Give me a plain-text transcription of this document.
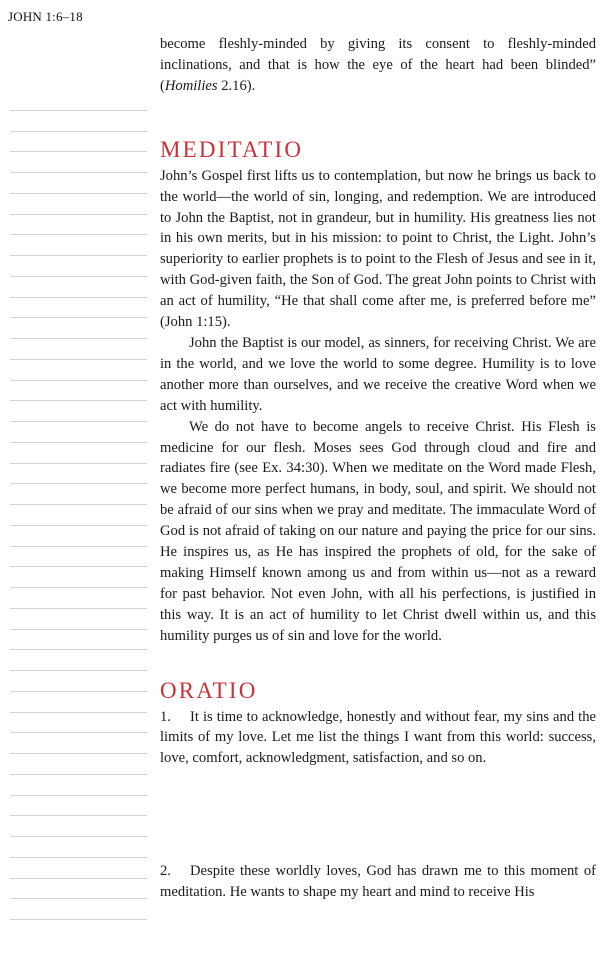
JOHN 1:6–18

become fleshly-minded by giving its consent to fleshly-minded inclinations, and that is how the eye of the heart had been blinded” (Homilies 2.16).

MEDITATIO

John’s Gospel first lifts us to contemplation, but now he brings us back to the world—the world of sin, longing, and redemption. We are introduced to John the Baptist, not in grandeur, but in humility. His greatness lies not in his own merits, but in his mission: to point to Christ, the Light. John’s superiority to earlier prophets is to point to the Flesh of Jesus and see in it, with God-given faith, the Son of God. The great John points to Christ with an act of humility, “He that shall come after me, is preferred before me” (John 1:15).

John the Baptist is our model, as sinners, for receiving Christ. We are in the world, and we love the world to some degree. Humility is to love another more than ourselves, and we receive the creative Word when we act with humility.

We do not have to become angels to receive Christ. His Flesh is medicine for our flesh. Moses sees God through cloud and fire and radiates fire (see Ex. 34:30). When we meditate on the Word made Flesh, we become more perfect humans, in body, soul, and spirit. We should not be afraid of our sins when we pray and meditate. The immaculate Word of God is not afraid of taking on our nature and paying the price for our sins. He inspires us, as He has inspired the prophets of old, for the sake of making Himself known among us and from within us—not as a reward for past behavior. Not even John, with all his perfections, is justified in this way. It is an act of humility to let Christ dwell within us, and this humility purges us of sin and love for the world.

ORATIO

1. It is time to acknowledge, honestly and without fear, my sins and the limits of my love. Let me list the things I want from this world: success, love, comfort, acknowledgment, satisfaction, and so on.

2. Despite these worldly loves, God has drawn me to this moment of meditation. He wants to shape my heart and mind to receive His
